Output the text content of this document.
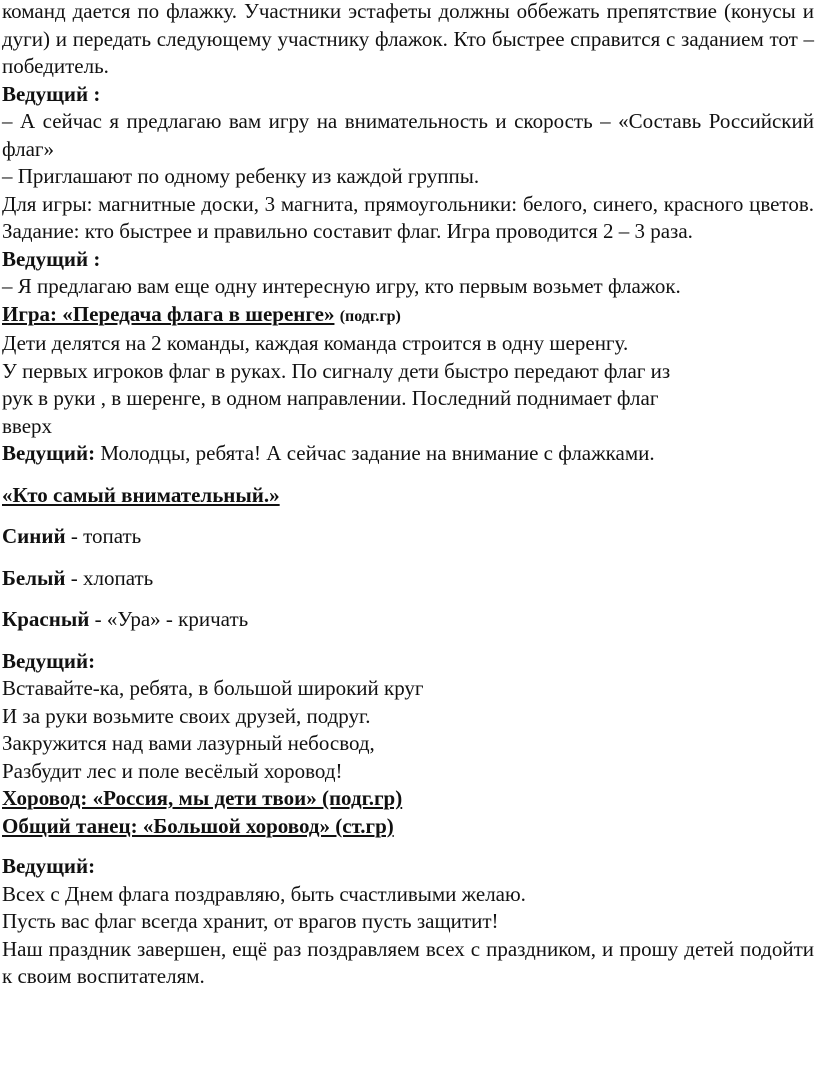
команд дается по флажку. Участники эстафеты должны оббежать препятствие (конусы и дуги) и передать следующему участнику флажок. Кто быстрее справится с заданием тот – победитель.

Ведущий :

– А сейчас я предлагаю вам игру на внимательность и скорость – «Составь Российский флаг»

– Приглашают по одному ребенку из каждой группы.

Для игры: магнитные доски, 3 магнита, прямоугольники: белого, синего, красного цветов. Задание: кто быстрее и правильно составит флаг. Игра проводится 2 – 3 раза.

Ведущий :

– Я предлагаю вам еще одну интересную игру, кто первым возьмет флажок.

Игра: «Передача флага в шеренге» (подг.гр)

Дети делятся на 2 команды, каждая команда строится в одну шеренгу.

У первых игроков флаг в руках. По сигналу дети быстро передают флаг из

рук в руки , в шеренге, в одном направлении. Последний поднимает флаг

вверх

Ведущий: Молодцы, ребята! А сейчас задание на внимание с флажками.

«Кто самый внимательный.»

Синий - топать

Белый - хлопать

Красный - «Ура» - кричать

Ведущий:

Вставайте-ка, ребята, в большой широкий круг

И за руки возьмите своих друзей, подруг.

Закружится над вами лазурный небосвод,

Разбудит лес и поле весёлый хоровод!

Хоровод: «Россия, мы дети твои» (подг.гр)

Общий танец: «Большой хоровод» (ст.гр)

Ведущий:

Всех с Днем флага поздравляю, быть счастливыми желаю.

Пусть вас флаг всегда хранит, от врагов пусть защитит!

Наш праздник завершен, ещё раз поздравляем всех с праздником, и прошу детей подойти к своим воспитателям.
